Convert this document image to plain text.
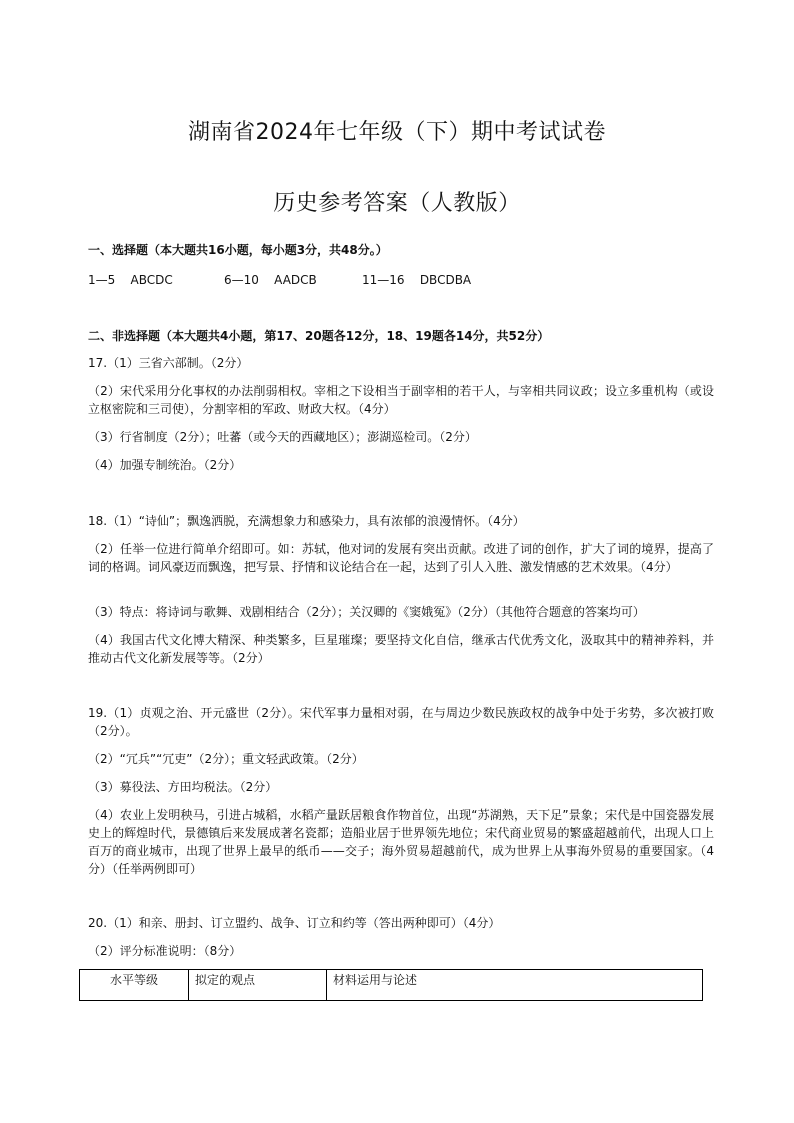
湖南省2024年七年级（下）期中考试试卷
历史参考答案（人教版）
一、选择题（本大题共16小题，每小题3分，共48分。）
1—5 ABCDC	6—10 AADCB	11—16 DBCDBA
二、非选择题（本大题共4小题，第17、20题各12分，18、19题各14分，共52分）
17.（1）三省六部制。（2分）
（2）宋代采用分化事权的办法削弱相权。宰相之下设相当于副宰相的若干人，与宰相共同议政；设立多重机构（或设立枢密院和三司使），分割宰相的军政、财政大权。（4分）
（3）行省制度（2分）；吐蕃（或今天的西藏地区）；澎湖巡检司。（2分）
（4）加强专制统治。（2分）
18.（1）“诗仙”；飘逸洒脱，充满想象力和感染力，具有浓郁的浪漫情怀。（4分）
（2）任举一位进行简单介绍即可。如：苏轼，他对词的发展有突出贡献。改进了词的创作，扩大了词的境界，提高了词的格调。词风豪迈而飘逸，把写景、抒情和议论结合在一起，达到了引人入胜、激发情感的艺术效果。（4分）
（3）特点：将诗词与歌舞、戏剧相结合（2分）；关汉卿的《窦娥冤》（2分）（其他符合题意的答案均可）
（4）我国古代文化博大精深、种类繁多，巨星璀璨；要坚持文化自信，继承古代优秀文化，汲取其中的精神养料，并推动古代文化新发展等等。（2分）
19.（1）贞观之治、开元盛世（2分）。宋代军事力量相对弱，在与周边少数民族政权的战争中处于劣势，多次被打败（2分）。
（2）“冗兵”“冗吏”（2分）；重文轻武政策。（2分）
（3）募役法、方田均税法。（2分）
（4）农业上发明秧马，引进占城稻，水稻产量跃居粮食作物首位，出现“苏湖熟，天下足”景象；宋代是中国瓷器发展史上的辉煌时代，景德镇后来发展成著名瓷都；造船业居于世界领先地位；宋代商业贸易的繁盛超越前代，出现人口上百万的商业城市，出现了世界上最早的纸币——交子；海外贸易超越前代，成为世界上从事海外贸易的重要国家。（4分）（任举两例即可）
20.（1）和亲、册封、订立盟约、战争、订立和约等（答出两种即可）（4分）
（2）评分标准说明：（8分）
水平等级	拟定的观点	材料运用与论述
